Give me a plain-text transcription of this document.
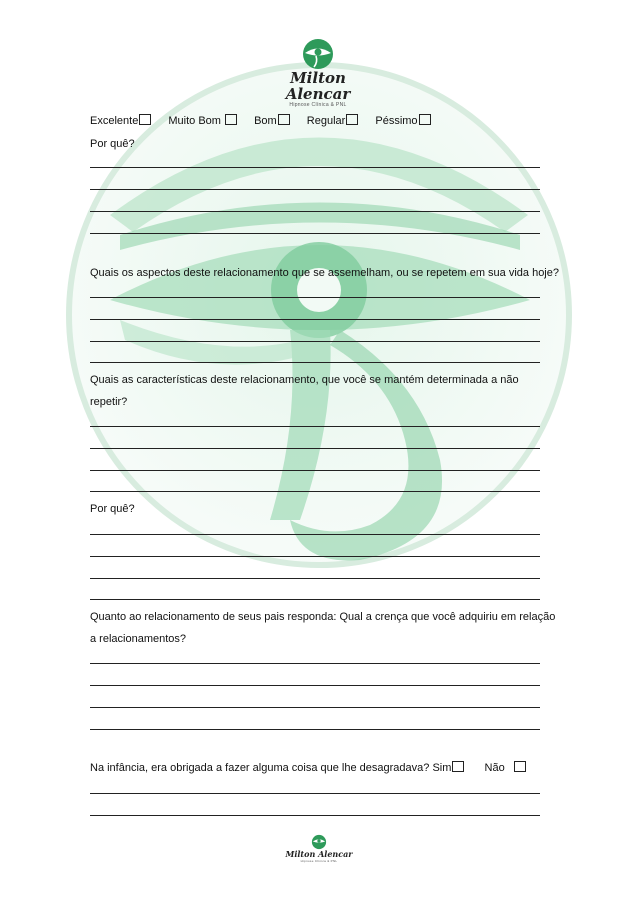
Milton Alencar
Hipnose Clínica & PNL
Excelente	Muito Bom	Bom	Regular	Péssimo
Por quê?
Quais os aspectos deste relacionamento que se assemelham, ou se repetem em sua vida hoje?
Quais as características deste relacionamento, que você se mantém determinada a não
repetir?
Por quê?
Quanto ao relacionamento de seus pais responda: Qual a crença que você adquiriu em relação
a relacionamentos?
Na infância, era obrigada a fazer alguma coisa que lhe desagradava? Sim	Não
Milton Alencar
Hipnose Clínica & PNL
